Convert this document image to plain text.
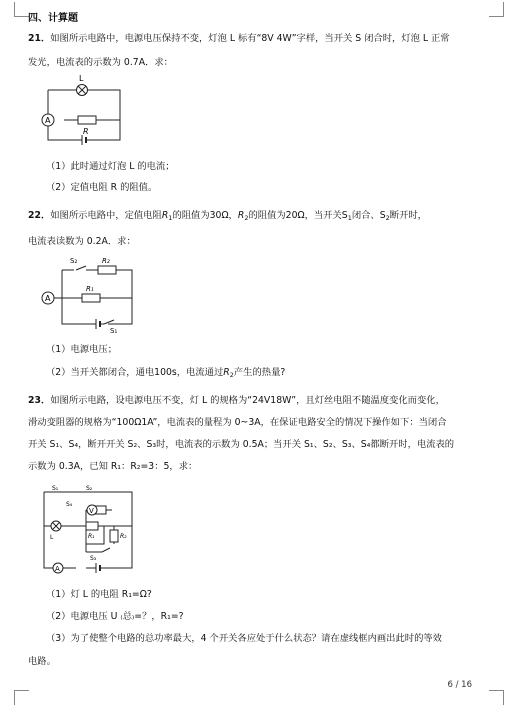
四、计算题
21．如图所示电路中，电源电压保持不变，灯泡 L 标有“8V 4W”字样，当开关 S 闭合时，灯泡 L 正常
发光，电流表的示数为 0.7A．求：
A
L
R
（1）此时通过灯泡 L 的电流；
（2）定值电阻 R 的阻值。
22．如图所示电路中，定值电阻$R_1$的阻值为30Ω，$R_2$的阻值为20Ω，当开关$S_1$闭合、$S_2$断开时，
电流表读数为 0.2A．求：
A
S₂	R₂
R₁
S₁
（1）电源电压；
（2）当开关都闭合，通电100s，电流通过$R_2$产生的热量?
23．如图所示电路，设电源电压不变，灯 L 的规格为“24V18W”，且灯丝电阻不随温度变化而变化，
滑动变阻器的规格为“100Ω1A”，电流表的量程为 0~3A，在保证电路安全的情况下操作如下：当闭合
开关 S₁、S₄，断开开关 S₂、S₃时，电流表的示数为 0.5A；当开关 S₁、S₂、S₃、S₄都断开时，电流表的
示数为 0.3A，已知 R₁：R₂=3：5，求：
V
A
S₁	S₂
S₄
L	R₁	R₂
S₃
（1）灯 L 的电阻 R₁=Ω?
（2）电源电压 U ₍总₎=？，R₁=?
（3）为了使整个电路的总功率最大，4 个开关各应处于什么状态？请在虚线框内画出此时的等效
电路。
6 / 16
